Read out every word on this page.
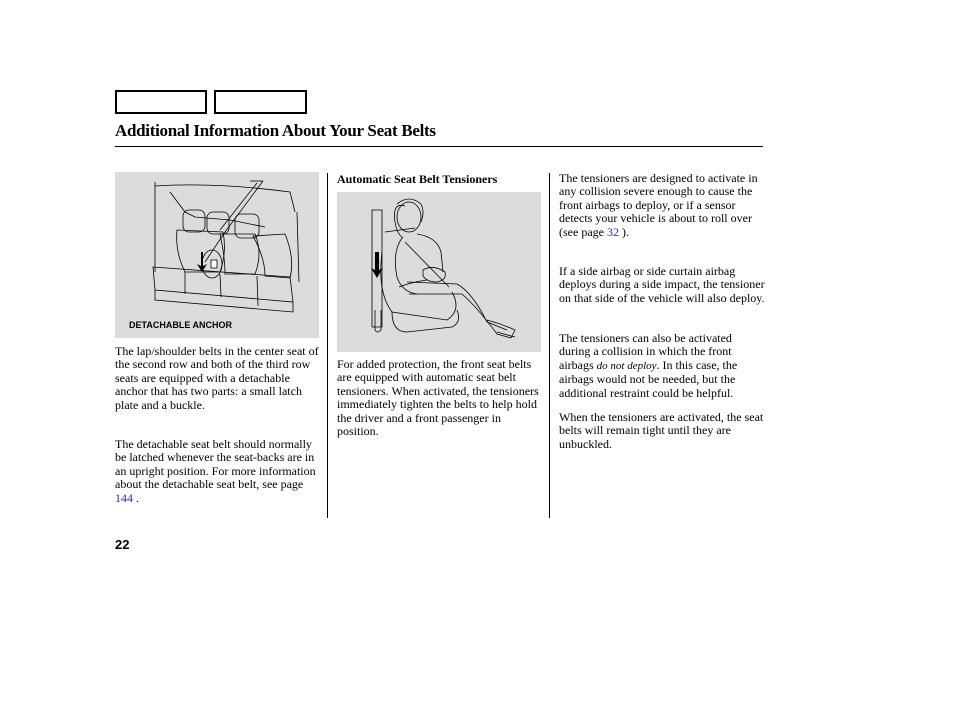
Additional Information About Your Seat Belts
DETACHABLE ANCHOR

The lap/shoulder belts in the center seat of the second row and both of the third row seats are equipped with a detachable anchor that has two parts: a small latch plate and a buckle.

The detachable seat belt should normally be latched whenever the seat-backs are in an upright position. For more information about the detachable seat belt, see page 144 .

Automatic Seat Belt Tensioners

For added protection, the front seat belts are equipped with automatic seat belt tensioners. When activated, the tensioners immediately tighten the belts to help hold the driver and a front passenger in position.

The tensioners are designed to activate in any collision severe enough to cause the front airbags to deploy, or if a sensor detects your vehicle is about to roll over (see page 32 ).

If a side airbag or side curtain airbag deploys during a side impact, the tensioner on that side of the vehicle will also deploy.

The tensioners can also be activated during a collision in which the front airbags do not deploy. In this case, the airbags would not be needed, but the additional restraint could be helpful.

When the tensioners are activated, the seat belts will remain tight until they are unbuckled.

22
